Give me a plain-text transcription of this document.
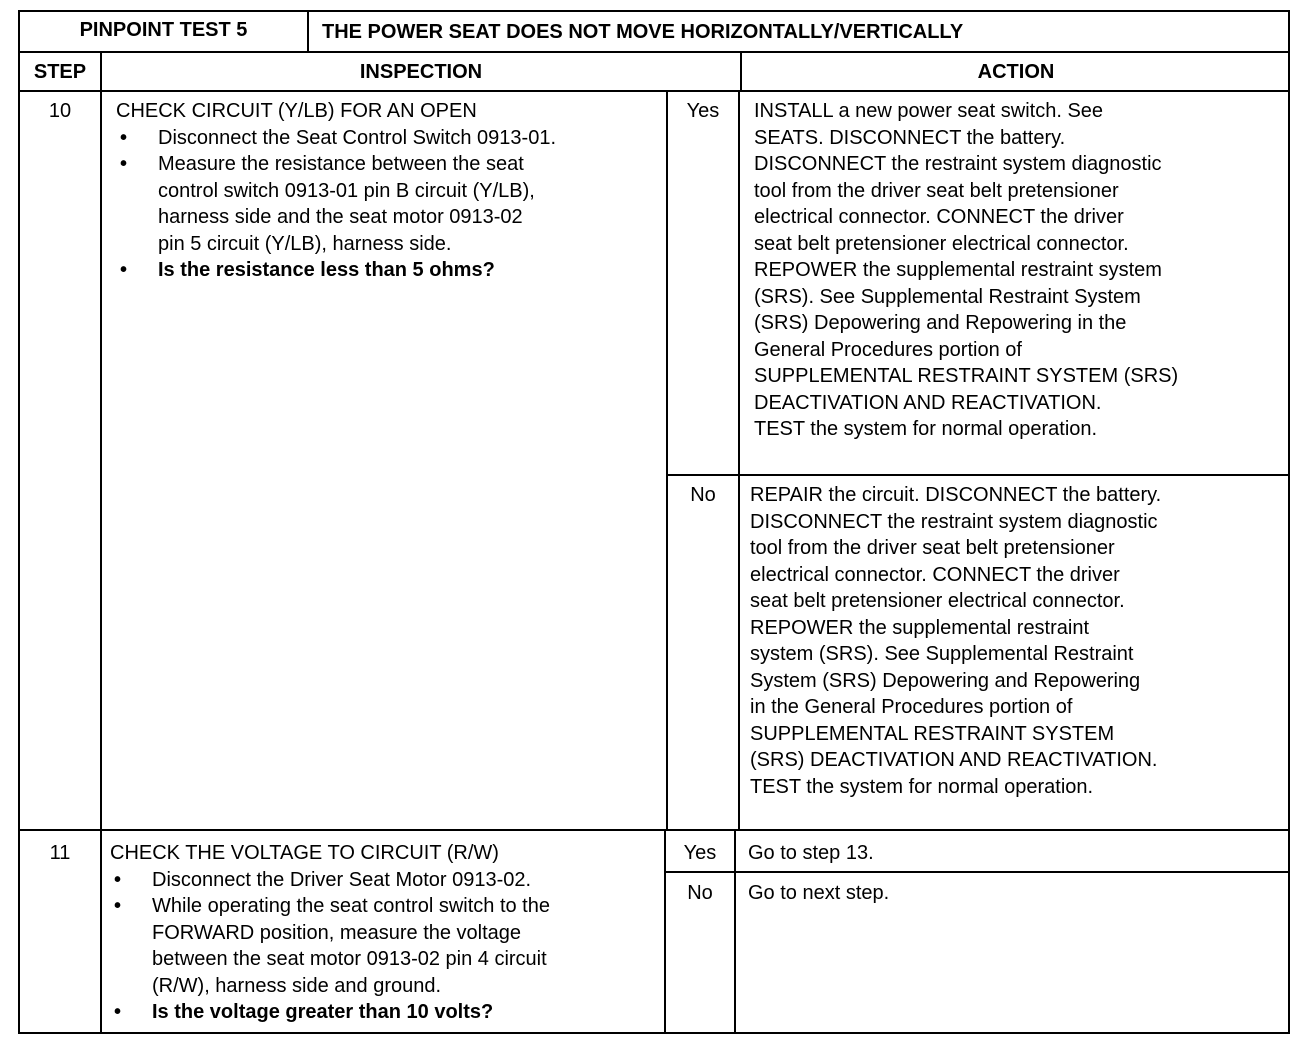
PINPOINT TEST 5	THE POWER SEAT DOES NOT MOVE HORIZONTALLY/VERTICALLY
STEP	INSPECTION	ACTION
10	CHECK CIRCUIT (Y/LB) FOR AN OPEN
• Disconnect the Seat Control Switch 0913-01.
• Measure the resistance between the seat
control switch 0913-01 pin B circuit (Y/LB),
harness side and the seat motor 0913-02
pin 5 circuit (Y/LB), harness side.
• Is the resistance less than 5 ohms?
Yes	INSTALL a new power seat switch. See
SEATS. DISCONNECT the battery.
DISCONNECT the restraint system diagnostic
tool from the driver seat belt pretensioner
electrical connector. CONNECT the driver
seat belt pretensioner electrical connector.
REPOWER the supplemental restraint system
(SRS). See Supplemental Restraint System
(SRS) Depowering and Repowering in the
General Procedures portion of
SUPPLEMENTAL RESTRAINT SYSTEM (SRS)
DEACTIVATION AND REACTIVATION.
TEST the system for normal operation.
No	REPAIR the circuit. DISCONNECT the battery.
DISCONNECT the restraint system diagnostic
tool from the driver seat belt pretensioner
electrical connector. CONNECT the driver
seat belt pretensioner electrical connector.
REPOWER the supplemental restraint
system (SRS). See Supplemental Restraint
System (SRS) Depowering and Repowering
in the General Procedures portion of
SUPPLEMENTAL RESTRAINT SYSTEM
(SRS) DEACTIVATION AND REACTIVATION.
TEST the system for normal operation.
11	CHECK THE VOLTAGE TO CIRCUIT (R/W)
• Disconnect the Driver Seat Motor 0913-02.
• While operating the seat control switch to the
FORWARD position, measure the voltage
between the seat motor 0913-02 pin 4 circuit
(R/W), harness side and ground.
• Is the voltage greater than 10 volts?
Yes	Go to step 13.
No	Go to next step.
